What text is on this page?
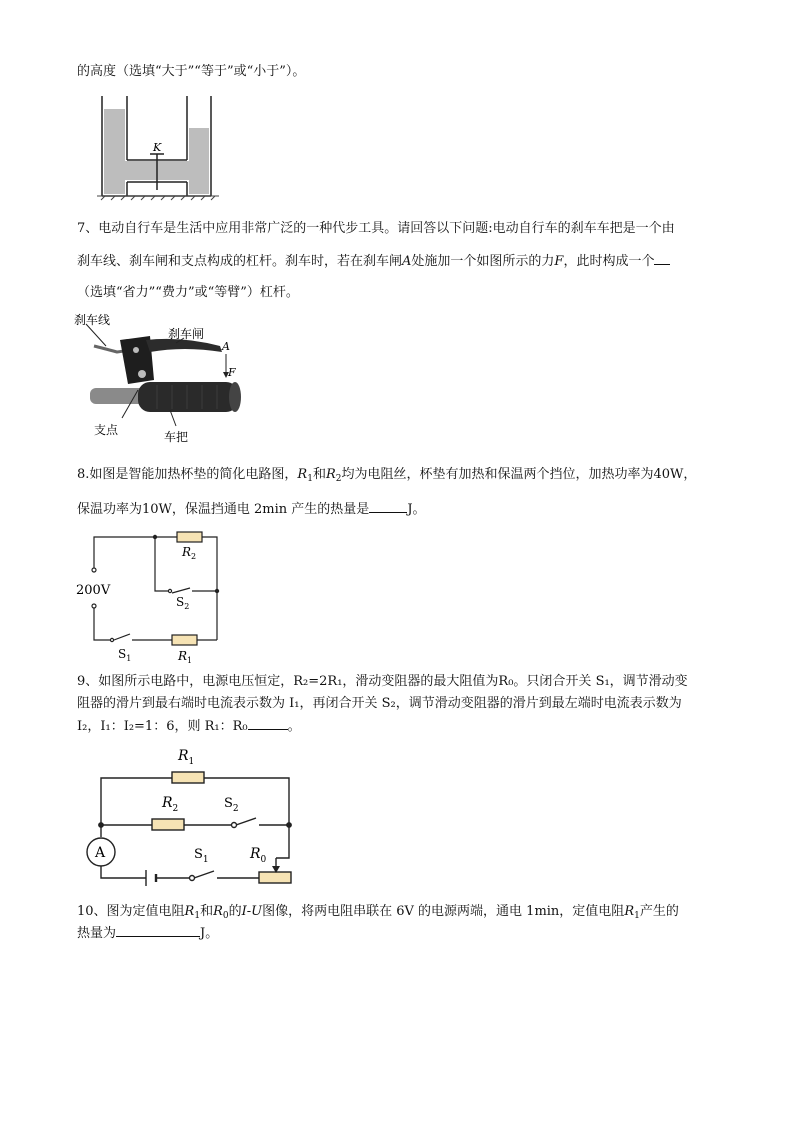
的高度（选填“大于”“等于”或“小于”）。
K
7、电动自行车是生活中应用非常广泛的一种代步工具。请回答以下问题:电动自行车的刹车车把是一个由
刹车线、刹车闸和支点构成的杠杆。刹车时，若在刹车闸A处施加一个如图所示的力F，此时构成一个
（选填“省力”“费力”或“等臂”）杠杆。
刹车线
刹车闸
A
F
支点	车把
8.如图是智能加热杯垫的简化电路图，$R_1$和$R_2$均为电阻丝，杯垫有加热和保温两个挡位，加热功率为40W，
保温功率为10W，保温挡通电 2min 产生的热量是	J。
200V
$R_2$
$S_2$
$S_1$	$R_1$
9、如图所示电路中，电源电压恒定，R₂=2R₁，滑动变阻器的最大阻值为R₀。只闭合开关 S₁，调节滑动变
阻器的滑片到最右端时电流表示数为 I₁，再闭合开关 S₂，调节滑动变阻器的滑片到最左端时电流表示数为
I₂，I₁：I₂=1：6，则 R₁：R₀	。
A
$R_1$
$R_2$	$S_2$
$S_1$	$R_0$
10、图为定值电阻$R_1$和$R_0$的I-U图像，将两电阻串联在 6V 的电源两端，通电 1min，定值电阻$R_1$产生的
热量为	J。
